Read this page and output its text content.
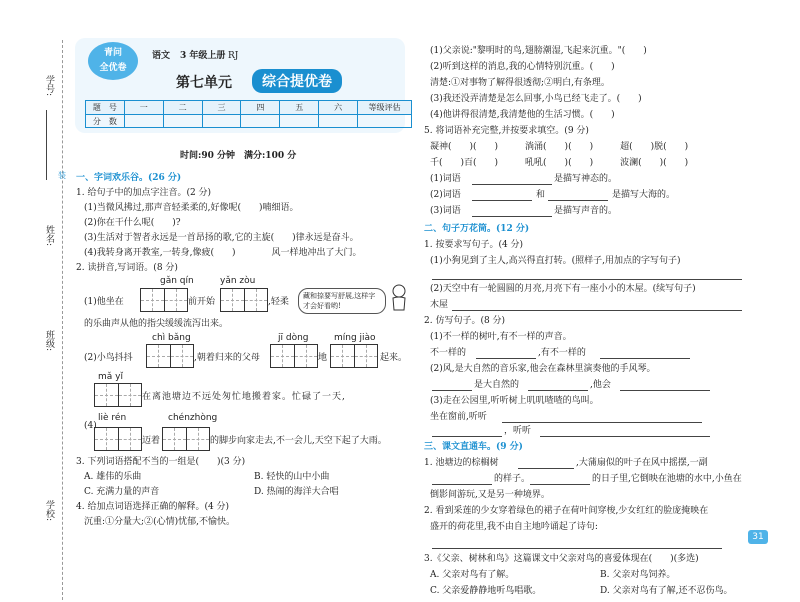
学号:
姓名:
装
班级:
学校:
青问
全优卷
语文 3 年级上册 RJ
第七单元	综合提优卷
题　号	一	二	三	四	五	六	等级评估
分　数
时间:90 分钟　满分:100 分
一、字词欢乐谷。(26 分)
1. 给句子中的加点字注音。(2 分)
(1)当微风拂过,那声音轻柔柔的,好像呢(　　)喃细语。
(2)你在干什么呢(　　)?
(3)生活对于智者永远是一首昂扬的歌,它的主旋(　　)律永远是奋斗。
(4)我转身离开教室,一转身,像疲(　　)　　　　风一样地冲出了大门。
2. 读拼音,写词语。(8 分)
藏和捺要写舒展,这样字才会好看哟!
gǎn qín	yǎn zòu
(1)他坐在	前开始	,轻柔
的乐曲声从他的指尖缓缓流泻出来。
chì bǎng	jī dòng	míng jiào
(2)小鸟抖抖	,朝着归来的父母	地	起来。
mǎ yǐ
在离池塘边不远处匆忙地搬着家。忙碌了一天,
(4)
liè rén	chénzhòng
迈着	的脚步向家走去,不一会儿,天空下起了大雨。
3. 下列词语搭配不当的一组是(　　)(3 分)
A. 雄伟的乐曲	B. 轻快的山中小曲
C. 充满力量的声音	D. 热闹的海洋大合唱
4. 给加点词语选择正确的解释。(4 分)
沉重:①分量大;②(心情)忧郁,不愉快。
(1)父亲说:"黎明时的鸟,翅膀潮湿,飞起来沉重。"(　　)
(2)听到这样的消息,我的心情特别沉重。(　　)
清楚:①对事物了解得很透彻;②明白,有条理。
(3)我还没弄清楚是怎么回事,小鸟已经飞走了。(　　)
(4)他讲得很清楚,我清楚他的生活习惯。(　　)
5. 将词语补充完整,并按要求填空。(9 分)
凝神(　　)(　　)　　　淌涌(　　)(　　)　　　超(　　)脱(　　)
千(　　)百(　　)　　　吼吼(　　)(　　)　　　波澜(　　)(　　)
(1)词语	是描写神态的。
(2)词语	和	是描写大海的。
(3)词语	是描写声音的。
二、句子万花筒。(12 分)
1. 按要求写句子。(4 分)
(1)小狗见到了主人,高兴得直打转。(照样子,用加点的字写句子)
(2)天空中有一轮圆圆的月亮,月亮下有一座小小的木屋。(续写句子)
木屋
2. 仿写句子。(8 分)
(1)不一样的树叶,有不一样的声音。
不一样的	,有不一样的
(2)风,是大自然的音乐家,他会在森林里演奏他的手风琴。
是大自然的	,他会
(3)走在公园里,听听树上叽叽喳喳的鸟叫。
坐在窗前,听听
，听听
三、课文直通车。(9 分)
1. 池塘边的棕榈树	,大蒲扇似的叶子在风中摇摆,一副
的样子。	的日子里,它倒映在池塘的水中,小鱼在
倒影间游玩,又是另一种境界。
2. 看到采莲的少女穿着绿色的裙子在荷叶间穿梭,少女红红的脸庞掩映在
盛开的荷花里,我不由自主地吟诵起了诗句:
3.《父亲、树林和鸟》这篇课文中父亲对鸟的喜爱体现在(　　)(多选)
A. 父亲对鸟有了解。	B. 父亲对鸟饲养。
C. 父亲爱静静地听鸟唱歌。	D. 父亲对鸟有了解,还不忍伤鸟。
31
